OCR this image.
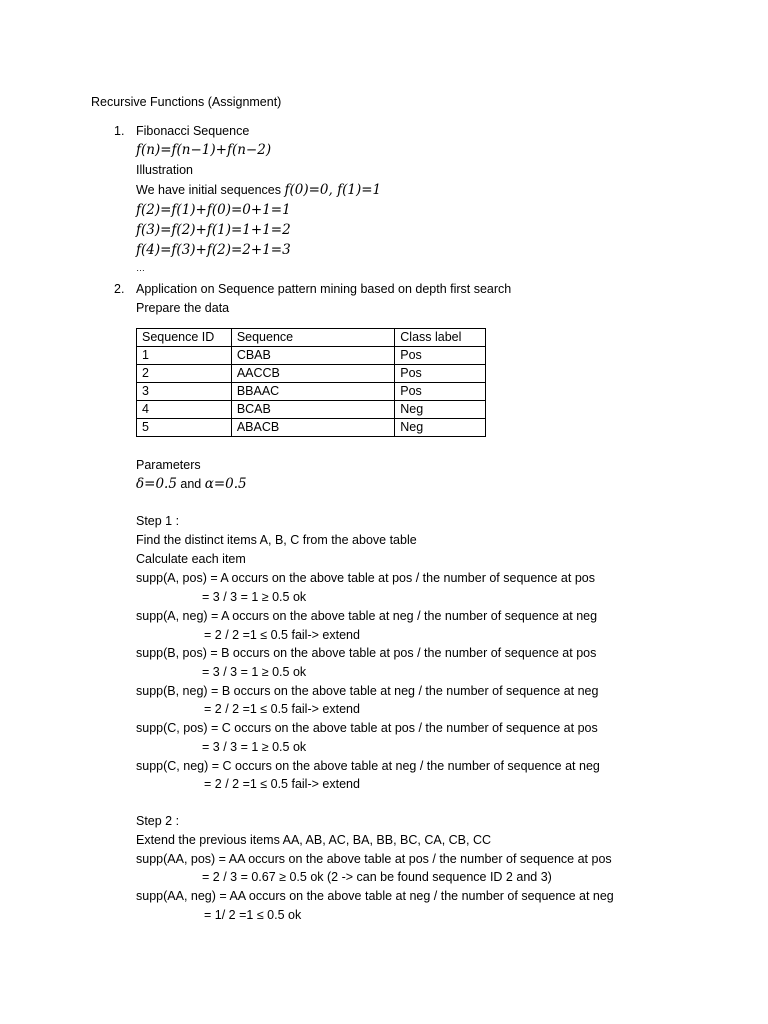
Recursive Functions (Assignment)
1. Fibonacci Sequence
f(n)=f(n−1)+f(n−2)
Illustration
We have initial sequences f(0)=0, f(1)=1
f(2)=f(1)+f(0)=0+1=1
f(3)=f(2)+f(1)=1+1=2
f(4)=f(3)+f(2)=2+1=3
…
2. Application on Sequence pattern mining based on depth first search
Prepare the data
Sequence ID	Sequence	Class label
1	CBAB	Pos
2	AACCB	Pos
3	BBAAC	Pos
4	BCAB	Neg
5	ABACB	Neg
Parameters
δ=0.5 and α=0.5
Step 1 :
Find the distinct items A, B, C from the above table
Calculate each item
supp(A, pos) = A occurs on the above table at pos / the number of sequence at pos
= 3 / 3 = 1 ≥ 0.5 ok
supp(A, neg) = A occurs on the above table at neg / the number of sequence at neg
= 2 / 2 =1 ≤ 0.5 fail-> extend
supp(B, pos) = B occurs on the above table at pos / the number of sequence at pos
= 3 / 3 = 1 ≥ 0.5 ok
supp(B, neg) = B occurs on the above table at neg / the number of sequence at neg
= 2 / 2 =1 ≤ 0.5 fail-> extend
supp(C, pos) = C occurs on the above table at pos / the number of sequence at pos
= 3 / 3 = 1 ≥ 0.5 ok
supp(C, neg) = C occurs on the above table at neg / the number of sequence at neg
= 2 / 2 =1 ≤ 0.5 fail-> extend
Step 2 :
Extend the previous items AA, AB, AC, BA, BB, BC, CA, CB, CC
supp(AA, pos) = AA occurs on the above table at pos / the number of sequence at pos
= 2 / 3 = 0.67 ≥ 0.5 ok (2 -> can be found sequence ID 2 and 3)
supp(AA, neg) = AA occurs on the above table at neg / the number of sequence at neg
= 1/ 2 =1 ≤ 0.5 ok
